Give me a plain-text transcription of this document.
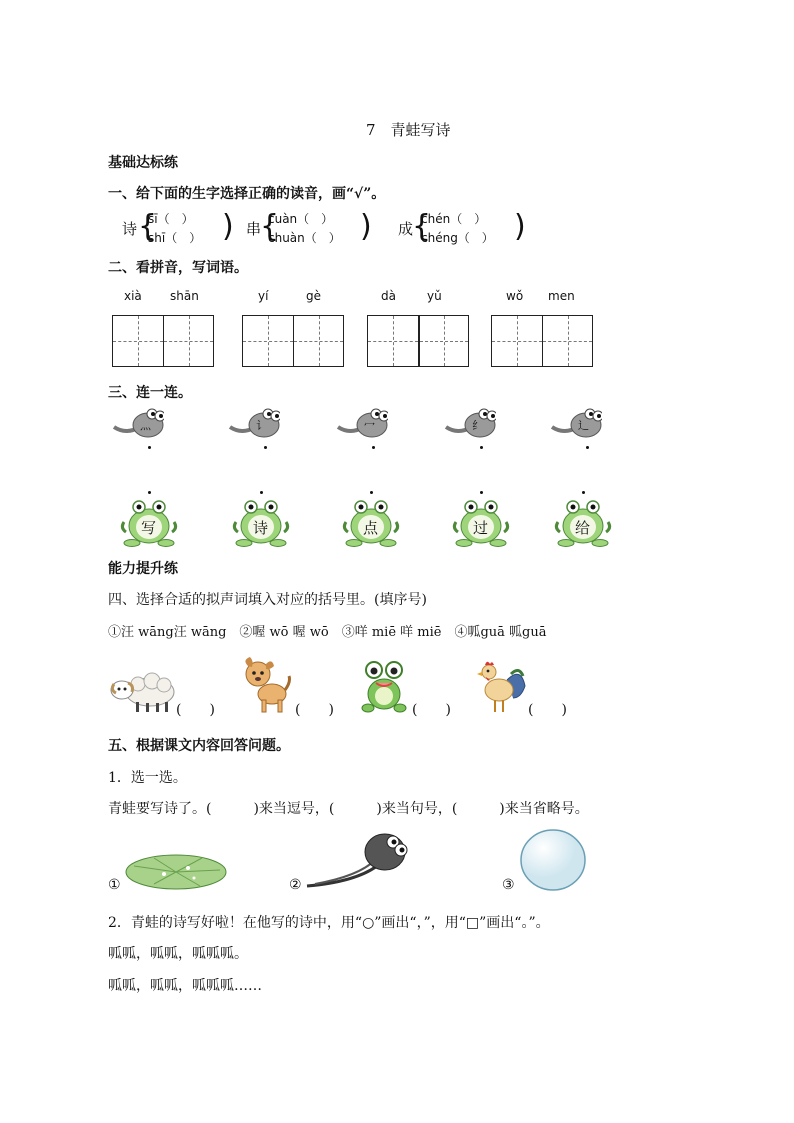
7　青蛙写诗
基础达标练
一、给下面的生字选择正确的读音，画“√”。
诗 {
sī（　）
shī（　） ) 串
{
cuàn（　）
chuàn（　） ) 成
{
chén（　）
chéng（　） )
二、看拼音，写词语。
xià shān	yí	gè	dà	yǔ	wǒ men
三、连一连。
灬	讠	冖	纟	辶
写	诗	点	过	给
能力提升练
四、选择合适的拟声词填入对应的括号里。(填序号)
①汪 wāng汪 wāng　②喔 wō 喔 wō　③咩 miē 咩 miē　④呱guā 呱guā
(　　)	(　　)	(　　)	(　　)
五、根据课文内容回答问题。
1．选一选。
青蛙要写诗了。(　　　)来当逗号，(　　　)来当句号，(　　　)来当省略号。
①	②	③
2．青蛙的诗写好啦！在他写的诗中，用“○”画出“，”，用“□”画出“。”。
呱呱，呱呱，呱呱呱。
呱呱，呱呱，呱呱呱……
